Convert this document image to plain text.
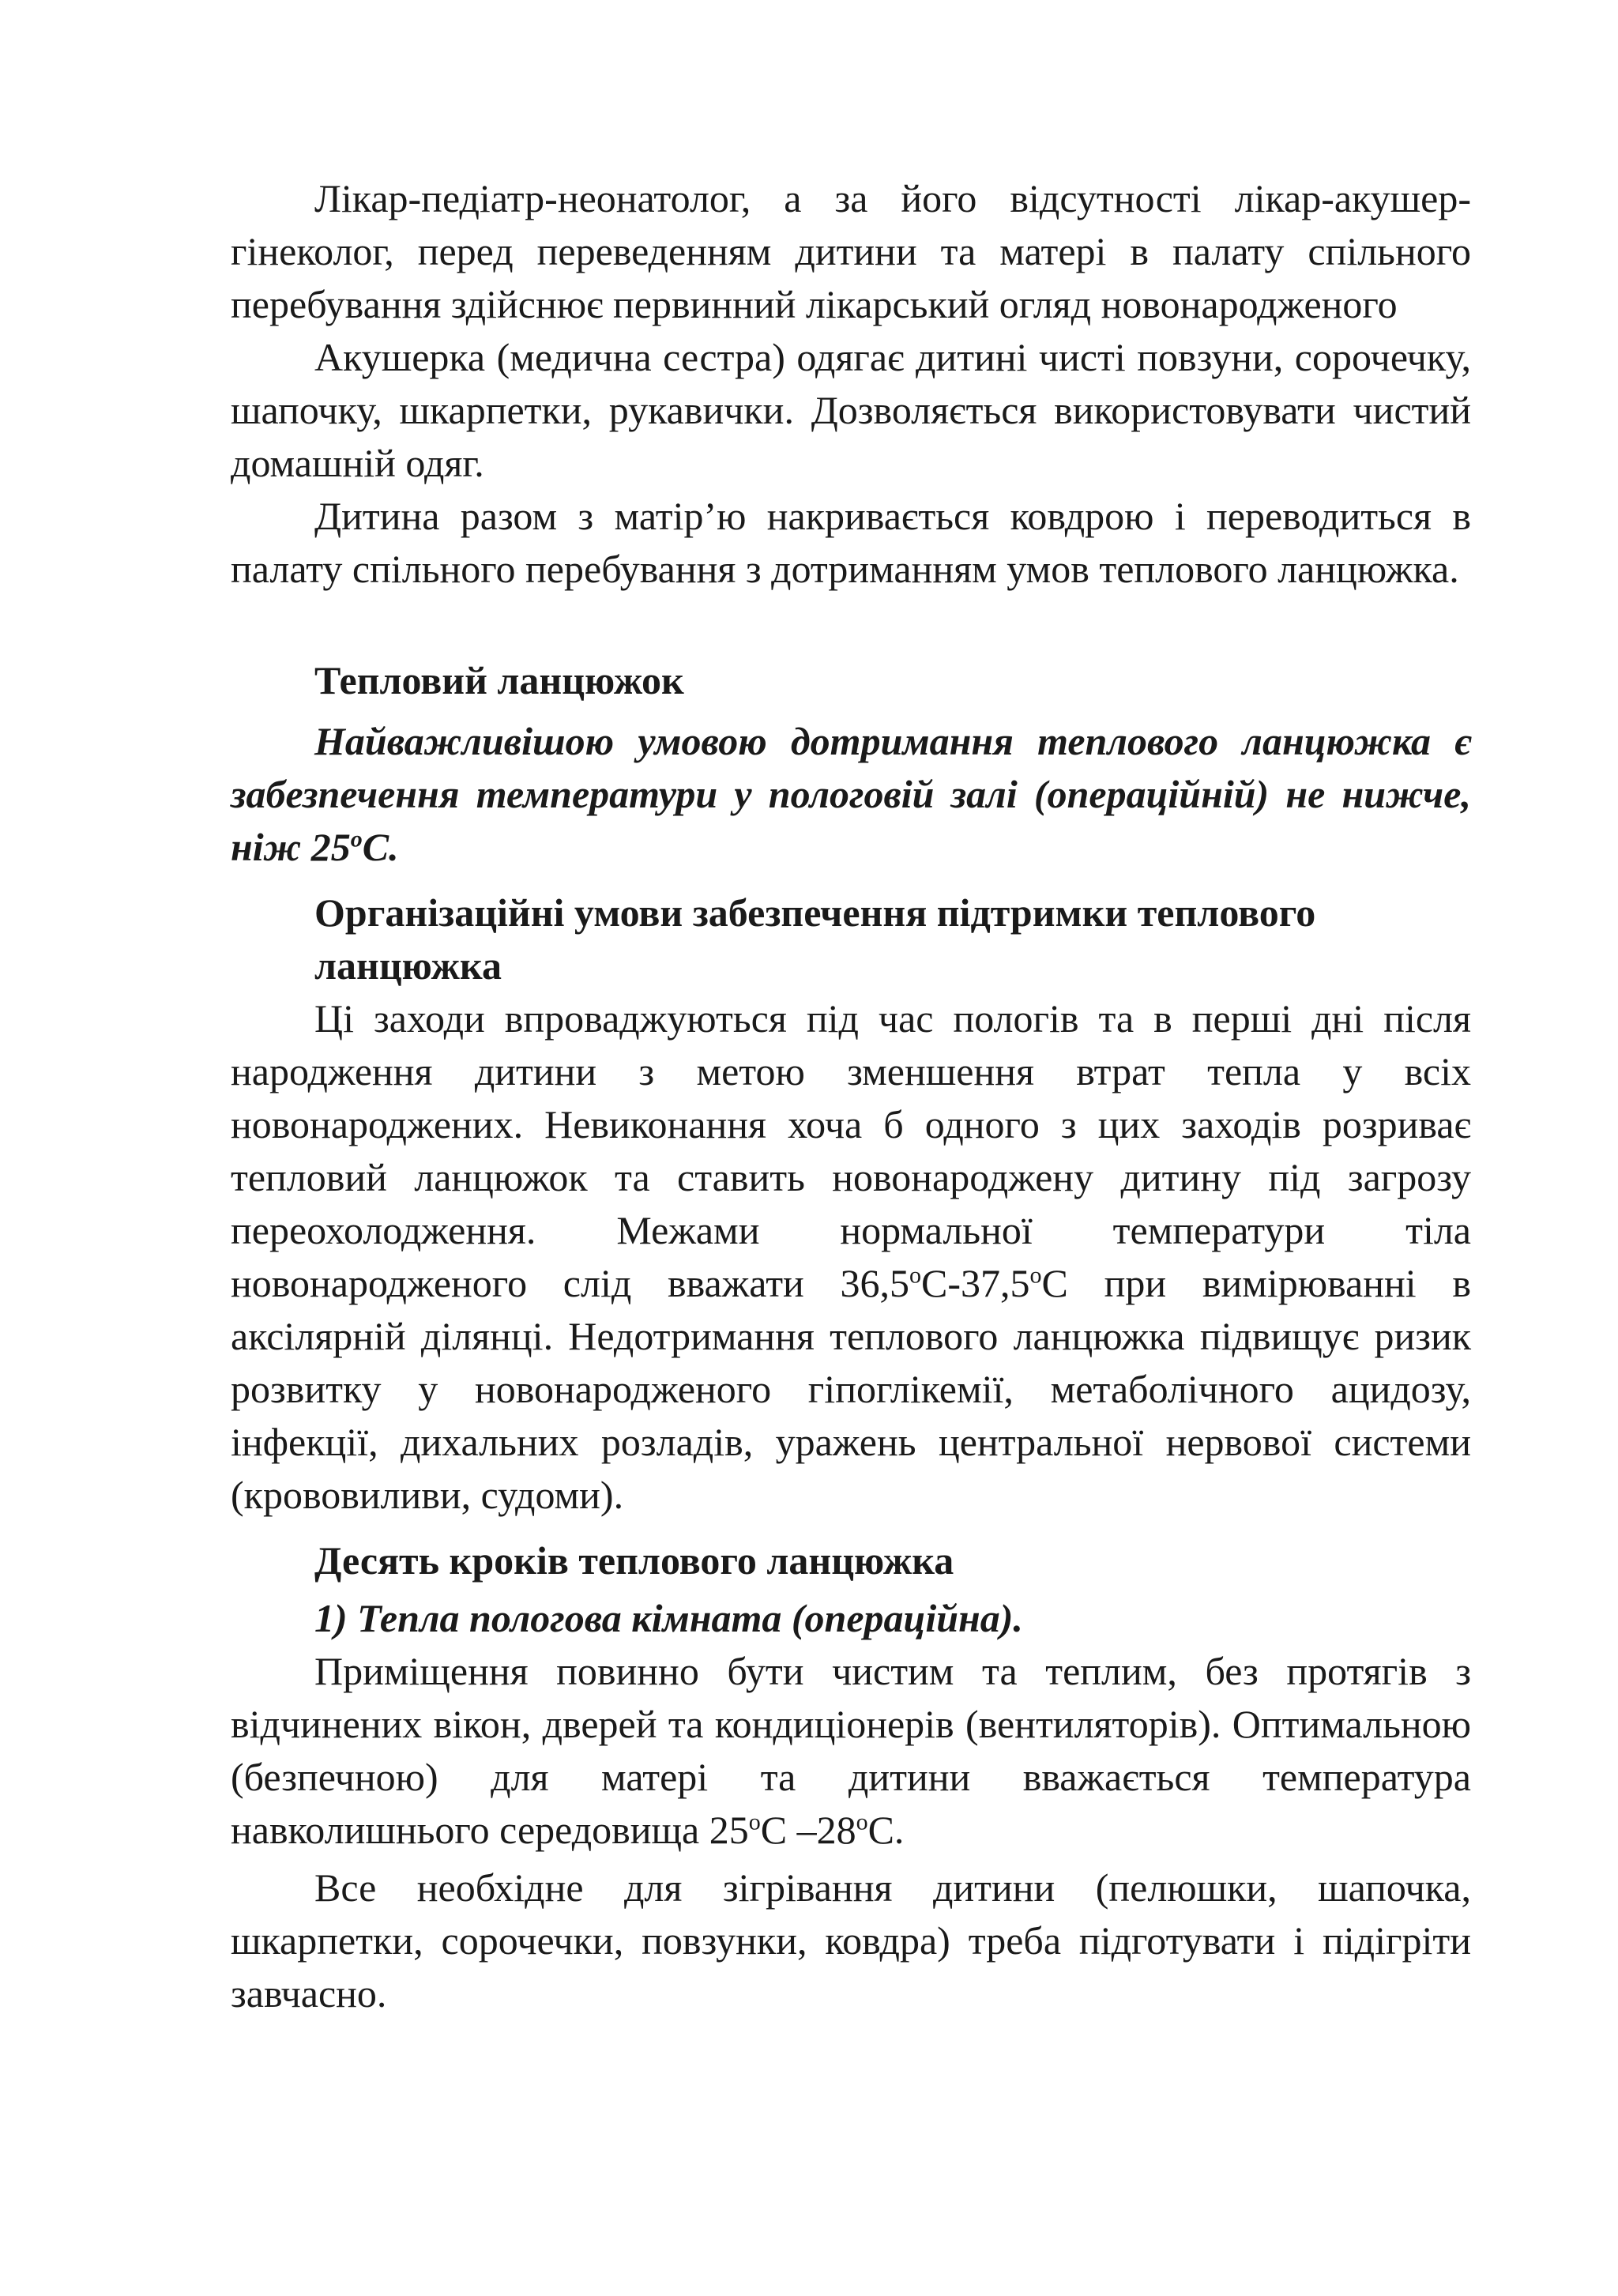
Лікар-педіатр-неонатолог, а за його відсутності лікар-акушер-гінеколог, перед переведенням дитини та матері в палату спільного перебування здійснює первинний лікарський огляд новонародженого

Акушерка (медична сестра) одягає дитині чисті повзуни, сорочечку, шапочку, шкарпетки, рукавички. Дозволяється використовувати чистий домашній одяг.

Дитина разом з матір’ю накривається ковдрою і переводиться в палату спільного перебування з дотриманням умов теплового ланцюжка.

Тепловий ланцюжок

Найважливішою умовою дотримання теплового ланцюжка є забезпечення температури у пологовій залі (операційній) не нижче, ніж $25^оС$.

Організаційні умови забезпечення підтримки теплового ланцюжка

Ці заходи впроваджуються під час пологів та в перші дні після народження дитини з метою зменшення втрат тепла у всіх новонароджених. Невиконання хоча б одного з цих заходів розриває тепловий ланцюжок та ставить новонароджену дитину під загрозу переохолодження. Межами нормальної температури тіла новонародженого слід вважати $36,5^оС-37,5^оС$ при вимірюванні в аксілярній ділянці. Недотримання теплового ланцюжка підвищує ризик розвитку у новонародженого гіпоглікемії, метаболічного ацидозу, інфекції, дихальних розладів, уражень центральної нервової системи (крововиливи, судоми).

Десять кроків теплового ланцюжка

1) Тепла пологова кімната (операційна).

Приміщення повинно бути чистим та теплим, без протягів з відчинених вікон, дверей та кондиціонерів (вентиляторів). Оптимальною (безпечною) для матері та дитини вважається температура навколишнього середовища $25^оС$ $-28^оС$.

Все необхідне для зігрівання дитини (пелюшки, шапочка, шкарпетки, сорочечки, повзунки, ковдра) треба підготувати і підігріти завчасно.
